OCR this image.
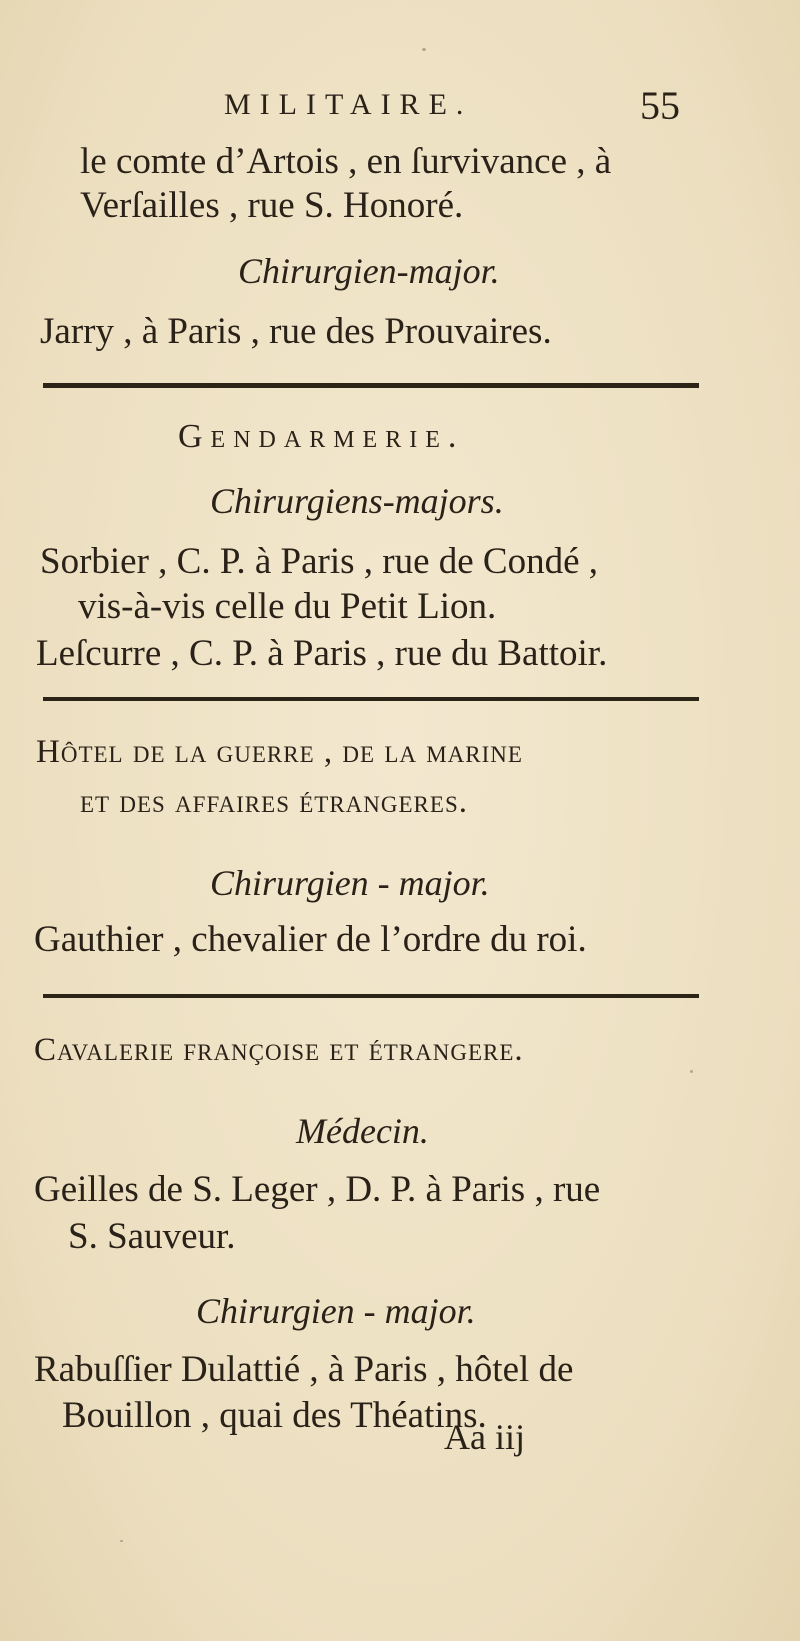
MILITAIRE.	55
le comte d’Artois , en ſurvivance , à
Verſailles , rue S. Honoré.
Chirurgien-major.
Jarry , à Paris , rue des Prouvaires.
Gendarmerie.
Chirurgiens-majors.
Sorbier , C. P. à Paris , rue de Condé ,
vis-à-vis celle du Petit Lion.
Leſcurre , C. P. à Paris , rue du Battoir.
Hôtel de la guerre , de la marine
et des affaires étrangeres.
Chirurgien - major.
Gauthier , chevalier de l’ordre du roi.
Cavalerie françoise et étrangere.
Médecin.
Geilles de S. Leger , D. P. à Paris , rue
S. Sauveur.
Chirurgien - major.
Rabuſſier Dulattié , à Paris , hôtel de
Bouillon , quai des Théatins.
Aa iij
